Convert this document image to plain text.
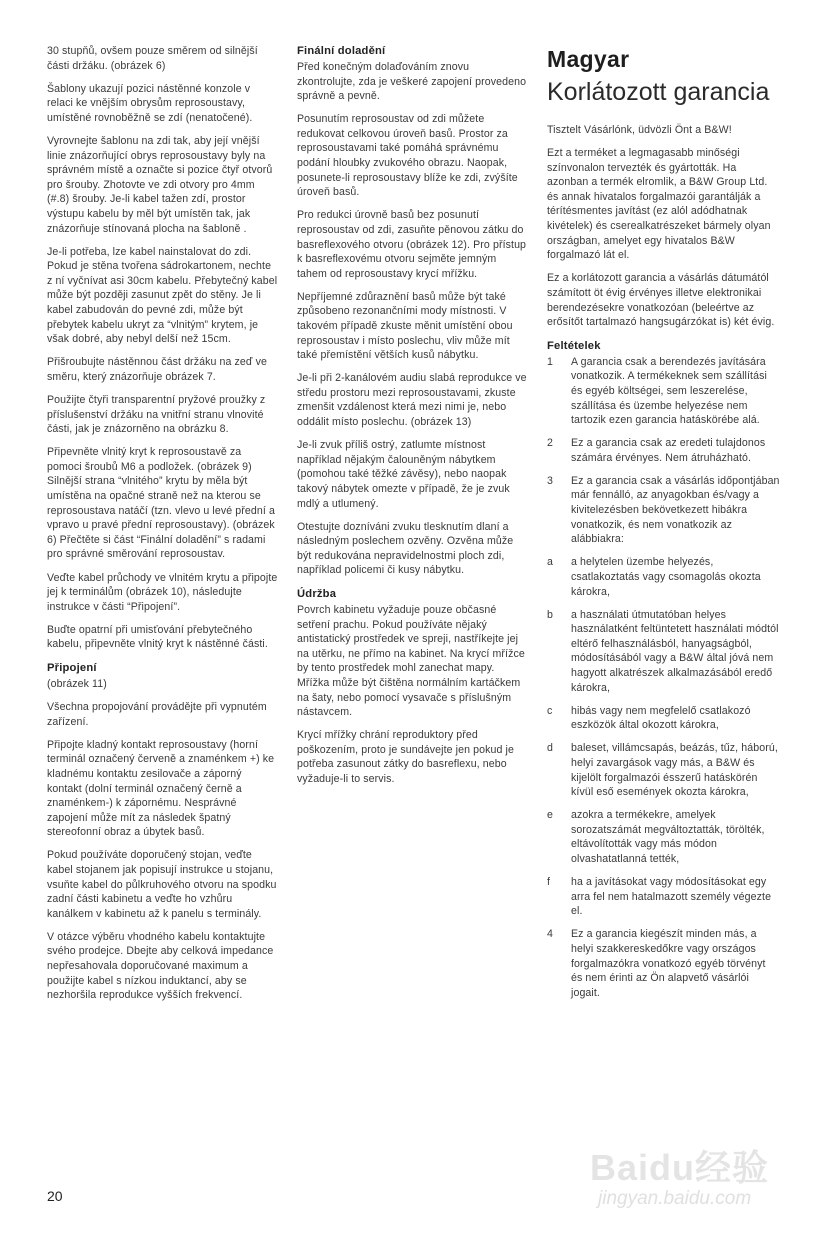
30 stupňů, ovšem pouze směrem od silnější části držáku. (obrázek 6)

Šablony ukazují pozici nástěnné konzole v relaci ke vnějším obrysům reprosoustavy, umístěné rovnoběžně se zdí (nenatočené).

Vyrovnejte šablonu na zdi tak, aby její vnější linie znázorňující obrys reprosoustavy byly na správném místě a označte si pozice čtyř otvorů pro šrouby. Zhotovte ve zdi otvory pro 4mm (#.8) šrouby. Je-li kabel tažen zdí, prostor výstupu kabelu by měl být umístěn tak, jak znázorňuje stínovaná plocha na šabloně .

Je-li potřeba, lze kabel nainstalovat do zdi. Pokud je stěna tvořena sádrokartonem, nechte z ní vyčnívat asi 30cm kabelu. Přebytečný kabel může být později zasunut zpět do stěny. Je li kabel zabudován do pevné zdi, může být přebytek kabelu ukryt za “vlnitým” krytem, je však dobré, aby nebyl delší než 15cm.

Přišroubujte nástěnnou část držáku na zeď ve směru, který znázorňuje obrázek 7.

Použijte čtyři transparentní pryžové proužky z příslušenství držáku na vnitřní stranu vlnovité části, jak je znázorněno na obrázku 8.

Připevněte vlnitý kryt k reprosoustavě za pomoci šroubů M6 a podložek. (obrázek 9) Silnější strana “vlnitého” krytu by měla být umístěna na opačné straně než na kterou se reprosoustava natáčí (tzn. vlevo u levé přední a vpravo u pravé přední reprosoustavy). (obrázek 6) Přečtěte si část “Finální doladění” s radami pro správné směrování reprosoustav.

Veďte kabel průchody ve vlnitém krytu a připojte jej k terminálům (obrázek 10), následujte instrukce v části “Připojení”.

Buďte opatrní při umisťování přebytečného kabelu, připevněte vlnitý kryt k nástěnné části.

Připojení

(obrázek 11)

Všechna propojování provádějte při vypnutém zařízení.

Připojte kladný kontakt reprosoustavy (horní terminál označený červeně a znaménkem +) ke kladnému kontaktu zesilovače a záporný kontakt (dolní terminál označený černě a znaménkem-) k zápornému. Nesprávné zapojení může mít za následek špatný stereofonní obraz a úbytek basů.

Pokud používáte doporučený stojan, veďte kabel stojanem jak popisují instrukce u stojanu, vsuňte kabel do půlkruhového otvoru na spodku zadní části kabinetu a veďte ho vzhůru kanálkem v kabinetu až k panelu s terminály.

V otázce výběru vhodného kabelu kontaktujte svého prodejce. Dbejte aby celková impedance nepřesahovala doporučované maximum a použijte kabel s nízkou induktancí, aby se nezhoršila reprodukce vyšších frekvencí.

Finální doladění

Před konečným dolaďováním znovu zkontrolujte, zda je veškeré zapojení provedeno správně a pevně.

Posunutím reprosoustav od zdi můžete redukovat celkovou úroveň basů. Prostor za reprosoustavami také pomáhá správnému podání hloubky zvukového obrazu. Naopak, posunete-li reprosoustavy blíže ke zdi, zvýšíte úroveň basů.

Pro redukci úrovně basů bez posunutí reprosoustav od zdi, zasuňte pěnovou zátku do basreflexového otvoru (obrázek 12). Pro přístup k basreflexovému otvoru sejměte jemným tahem od reprosoustavy krycí mřížku.

Nepříjemné zdůraznění basů může být také způsobeno rezonančními mody místnosti. V takovém případě zkuste měnit umístění obou reprosoustav i místo poslechu, vliv může mít také přemístění větších kusů nábytku.

Je-li při 2-kanálovém audiu slabá reprodukce ve středu prostoru mezi reprosoustavami, zkuste zmenšit vzdálenost která mezi nimi je, nebo oddálit místo poslechu. (obrázek 13)

Je-li zvuk příliš ostrý, zatlumte místnost například nějakým čalouněným nábytkem (pomohou také těžké závěsy), nebo naopak takový nábytek omezte v případě, že je zvuk mdlý a utlumený.

Otestujte dozníváni zvuku tlesknutím dlaní a následným poslechem ozvěny. Ozvěna může být redukována nepravidelnostmi ploch zdi, například policemi či kusy nábytku.

Údržba

Povrch kabinetu vyžaduje pouze občasné setření prachu. Pokud používáte nějaký antistatický prostředek ve spreji, nastříkejte jej na utěrku, ne přímo na kabinet. Na krycí mřížce by tento prostředek mohl zanechat mapy. Mřížka může být čištěna normálním kartáčkem na šaty, nebo pomocí vysavače s příslušným nástavcem.

Krycí mřížky chrání reproduktory před poškozením, proto je sundávejte jen pokud je potřeba zasunout zátky do basreflexu, nebo vyžaduje-li to servis.

Magyar
Korlátozott garancia

Tisztelt Vásárlónk, üdvözli Önt a B&W!

Ezt a terméket a legmagasabb minőségi színvonalon tervezték és gyártották. Ha azonban a termék elromlik, a B&W Group Ltd. és annak hivatalos forgalmazói garantálják a térítésmentes javítást (ez alól adódhatnak kivételek) és cserealkatrészeket bármely olyan országban, amelyet egy hivatalos B&W forgalmazó lát el.

Ez a korlátozott garancia a vásárlás dátumától számított öt évig érvényes illetve elektronikai berendezésekre vonatkozóan (beleértve az erősítőt tartalmazó hangsugárzókat is) két évig.

Feltételek
1	A garancia csak a berendezés javítására vonatkozik. A termékeknek sem szállítási és egyéb költségei, sem leszerelése, szállítása és üzembe helyezése nem tartozik ezen garancia hatáskörébe alá.
2	Ez a garancia csak az eredeti tulajdonos számára érvényes. Nem átruházható.
3	Ez a garancia csak a vásárlás időpontjában már fennálló, az anyagokban és/vagy a kivitelezésben bekövetkezett hibákra vonatkozik, és nem vonatkozik az alábbiakra:
a	a helytelen üzembe helyezés, csatlakoztatás vagy csomagolás okozta károkra,
b	a használati útmutatóban helyes használatként feltüntetett használati módtól eltérő felhasználásból, hanyagságból, módosításából vagy a B&W által jóvá nem hagyott alkatrészek alkalmazásából eredő károkra,
c	hibás vagy nem megfelelő csatlakozó eszközök által okozott károkra,
d	baleset, villámcsapás, beázás, tűz, háború, helyi zavargások vagy más, a B&W és kijelölt forgalmazói ésszerű hatáskörén kívül eső események okozta károkra,
e	azokra a termékekre, amelyek sorozatszámát megváltoztatták, törölték, eltávolították vagy más módon olvashatatlanná tették,
f	ha a javításokat vagy módosításokat egy arra fel nem hatalmazott személy végezte el.
4	Ez a garancia kiegészít minden más, a helyi szakkereskedőkre vagy országos forgalmazókra vonatkozó egyéb törvényt és nem érinti az Ön alapvető vásárlói jogait.
20
Baidu经验
jingyan.baidu.com
